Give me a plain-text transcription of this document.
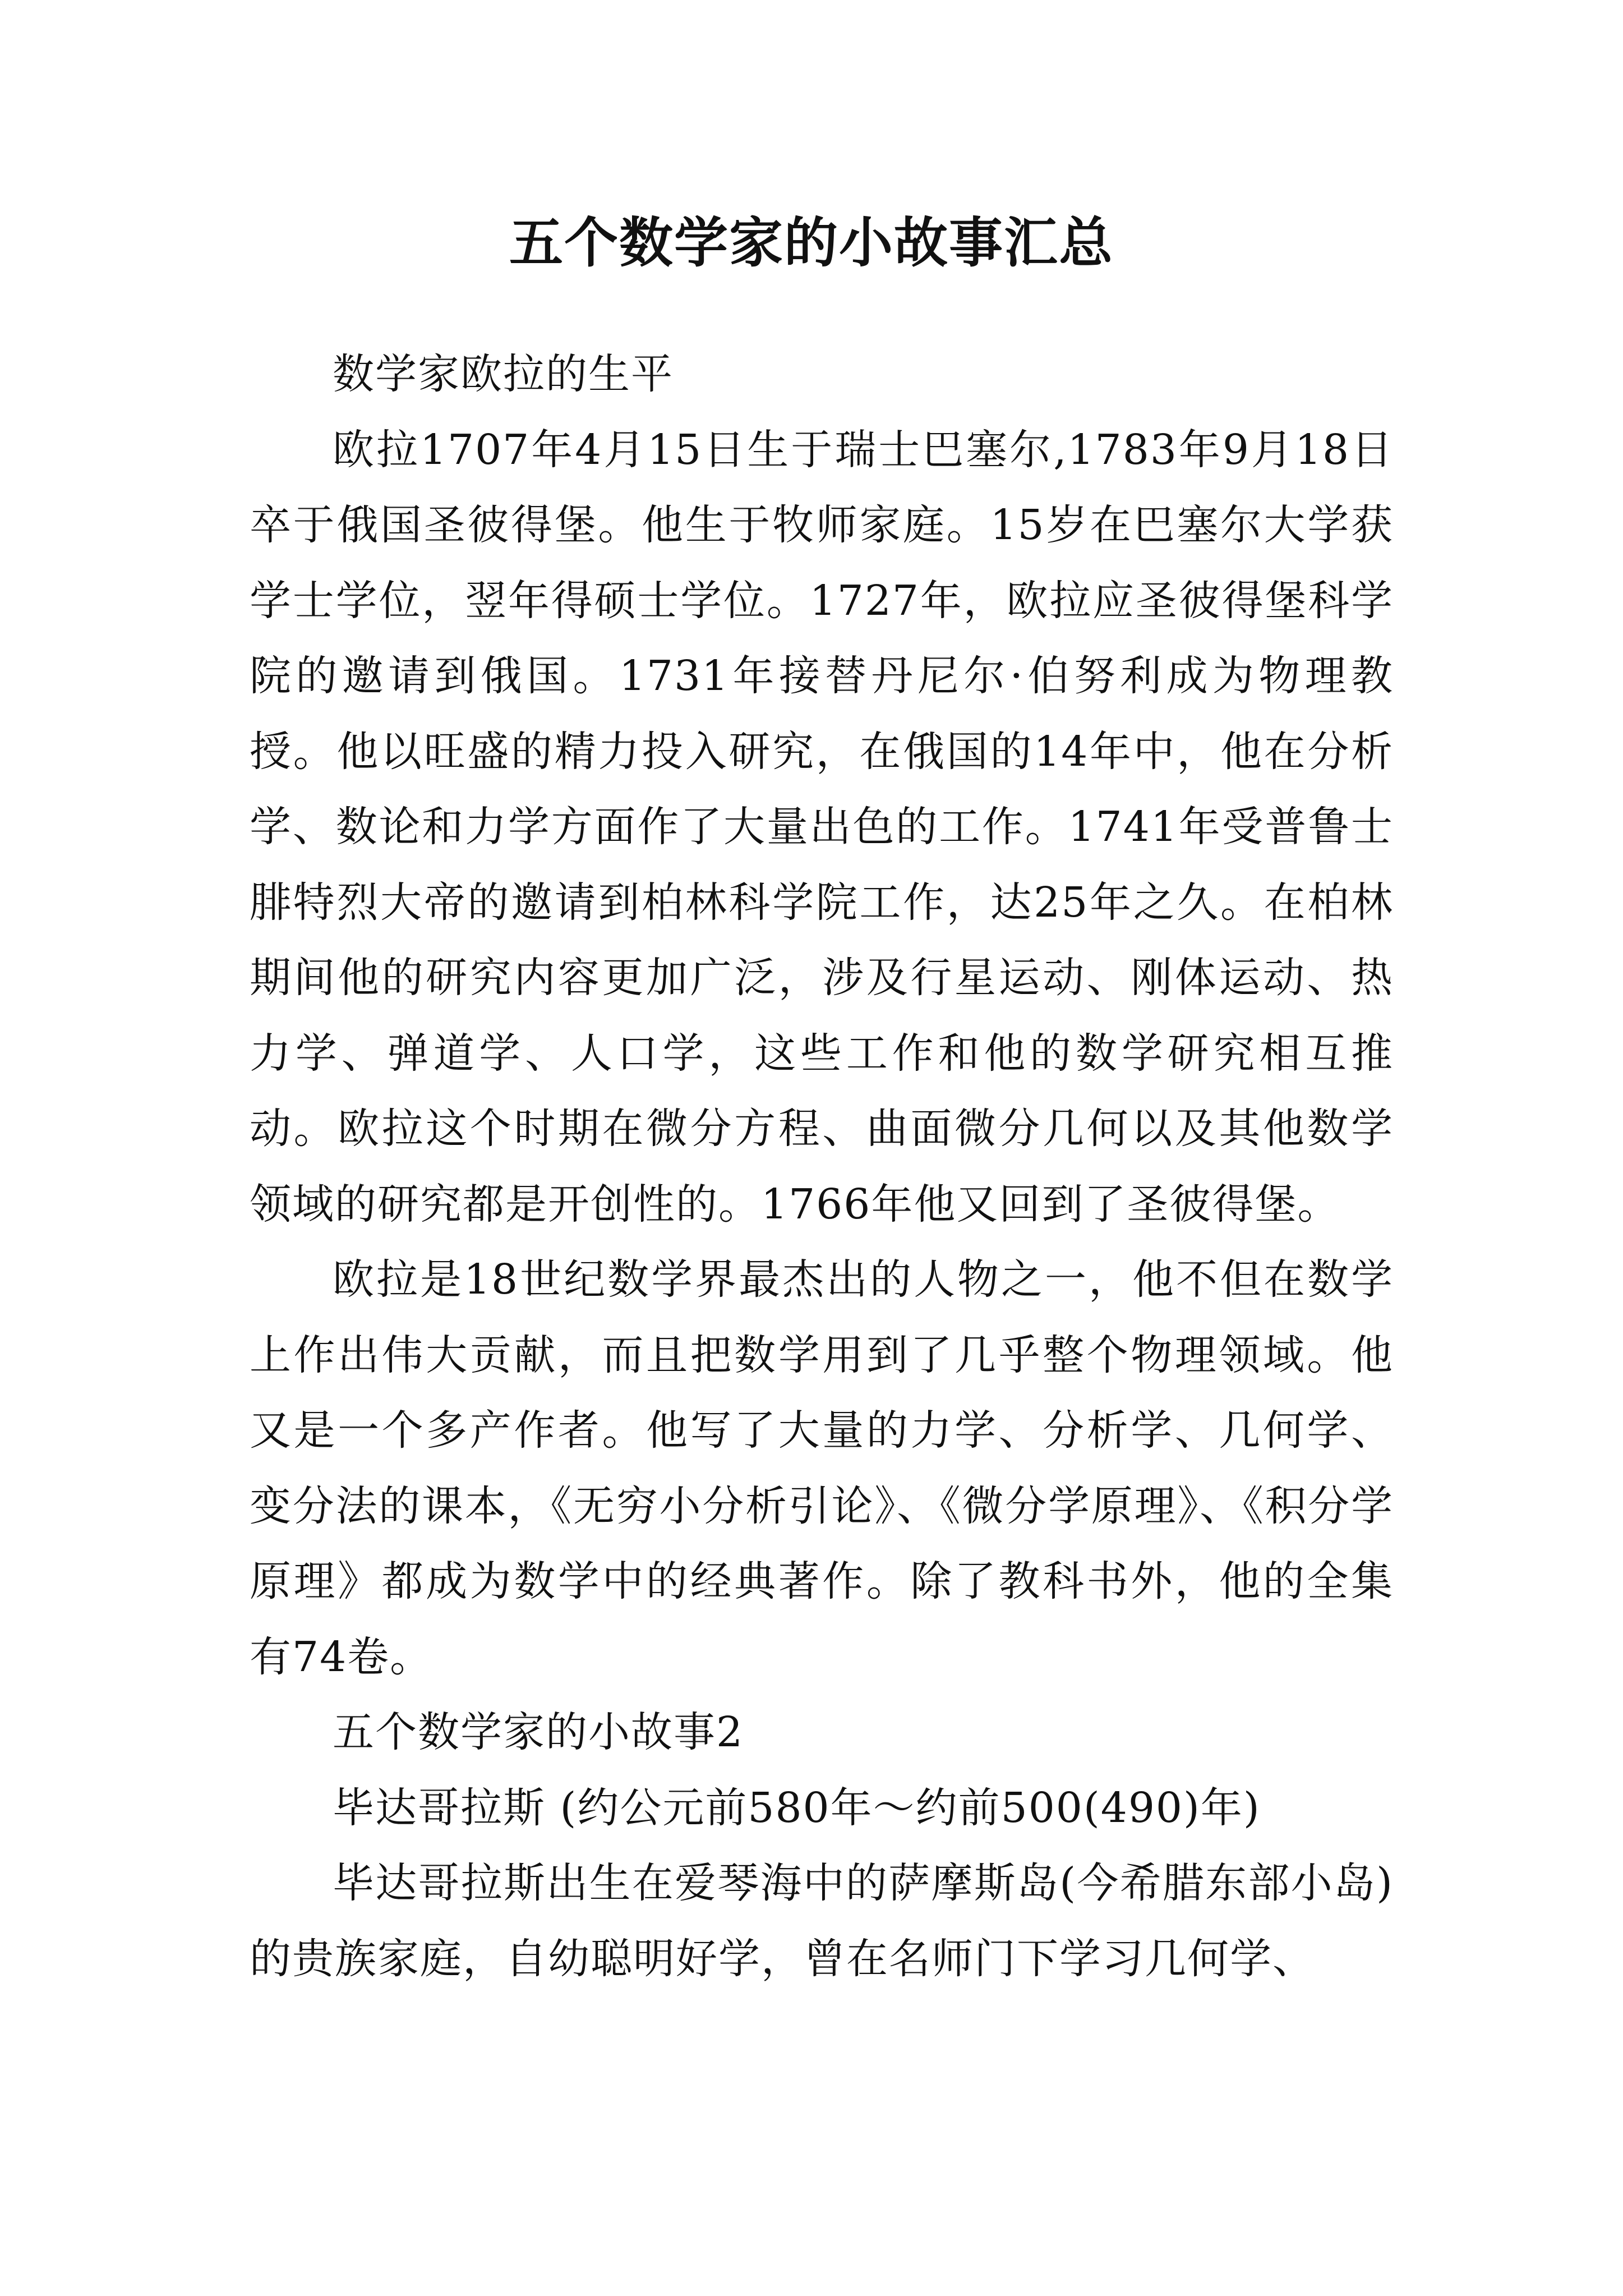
五个数学家的小故事汇总

数学家欧拉的生平

欧拉1707年4月15日生于瑞士巴塞尔,1783年9月18日卒于俄国圣彼得堡。他生于牧师家庭。15岁在巴塞尔大学获学士学位，翌年得硕士学位。1727年，欧拉应圣彼得堡科学院的邀请到俄国。1731年接替丹尼尔·伯努利成为物理教授。他以旺盛的精力投入研究，在俄国的14年中，他在分析学、数论和力学方面作了大量出色的工作。1741年受普鲁士腓特烈大帝的邀请到柏林科学院工作，达25年之久。在柏林期间他的研究内容更加广泛，涉及行星运动、刚体运动、热力学、弹道学、人口学，这些工作和他的数学研究相互推动。欧拉这个时期在微分方程、曲面微分几何以及其他数学领域的研究都是开创性的。1766年他又回到了圣彼得堡。

欧拉是18世纪数学界最杰出的人物之一，他不但在数学上作出伟大贡献，而且把数学用到了几乎整个物理领域。他又是一个多产作者。他写了大量的力学、分析学、几何学、变分法的课本，《无穷小分析引论》、《微分学原理》、《积分学原理》都成为数学中的经典著作。除了教科书外，他的全集有74卷。

五个数学家的小故事2

毕达哥拉斯 (约公元前580年～约前500(490)年)

毕达哥拉斯出生在爱琴海中的萨摩斯岛(今希腊东部小岛)的贵族家庭，自幼聪明好学，曾在名师门下学习几何学、
